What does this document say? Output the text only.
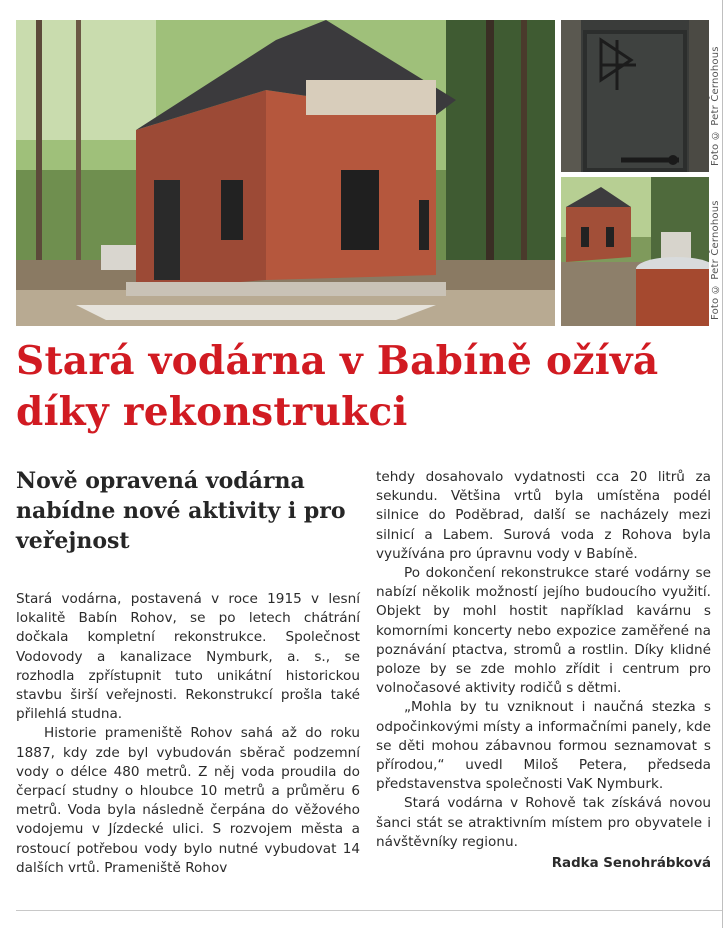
Foto © Petr Černohous
Foto © Petr Černohous
Stará vodárna v Babíně ožívá díky rekonstrukci
Nově opravená vodárna nabídne nové aktivity i pro veřejnost

Stará vodárna, postavená v roce 1915 v lesní lokalitě Babín Rohov, se po letech chátrání dočkala kompletní rekonstrukce. Společnost Vodovody a kanalizace Nymburk, a. s., se rozhodla zpřístupnit tuto unikátní historickou stavbu širší veřejnosti. Rekonstrukcí prošla také přilehlá studna.

Historie prameniště Rohov sahá až do roku 1887, kdy zde byl vybudován sběrač podzemní vody o délce 480 metrů. Z něj voda proudila do čerpací studny o hloubce 10 metrů a průměru 6 metrů. Voda byla následně čerpána do věžového vodojemu v Jízdecké ulici. S rozvojem města a rostoucí potřebou vody bylo nutné vybudovat 14 dalších vrtů. Prameniště Rohov

tehdy dosahovalo vydatnosti cca 20 litrů za sekundu. Většina vrtů byla umístěna podél silnice do Poděbrad, další se nacházely mezi silnicí a Labem. Surová voda z Rohova byla využívána pro úpravnu vody v Babíně.

Po dokončení rekonstrukce staré vodárny se nabízí několik možností jejího budoucího využití. Objekt by mohl hostit například kavárnu s komorními koncerty nebo expozice zaměřené na poznávání ptactva, stromů a rostlin. Díky klidné poloze by se zde mohlo zřídit i centrum pro volnočasové aktivity rodičů s dětmi.

„Mohla by tu vzniknout i naučná stezka s odpočinkovými místy a informačními panely, kde se děti mohou zábavnou formou seznamovat s přírodou,“ uvedl Miloš Petera, předseda představenstva společnosti VaK Nymburk.

Stará vodárna v Rohově tak získává novou šanci stát se atraktivním místem pro obyvatele i návštěvníky regionu.

Radka Senohrábková
